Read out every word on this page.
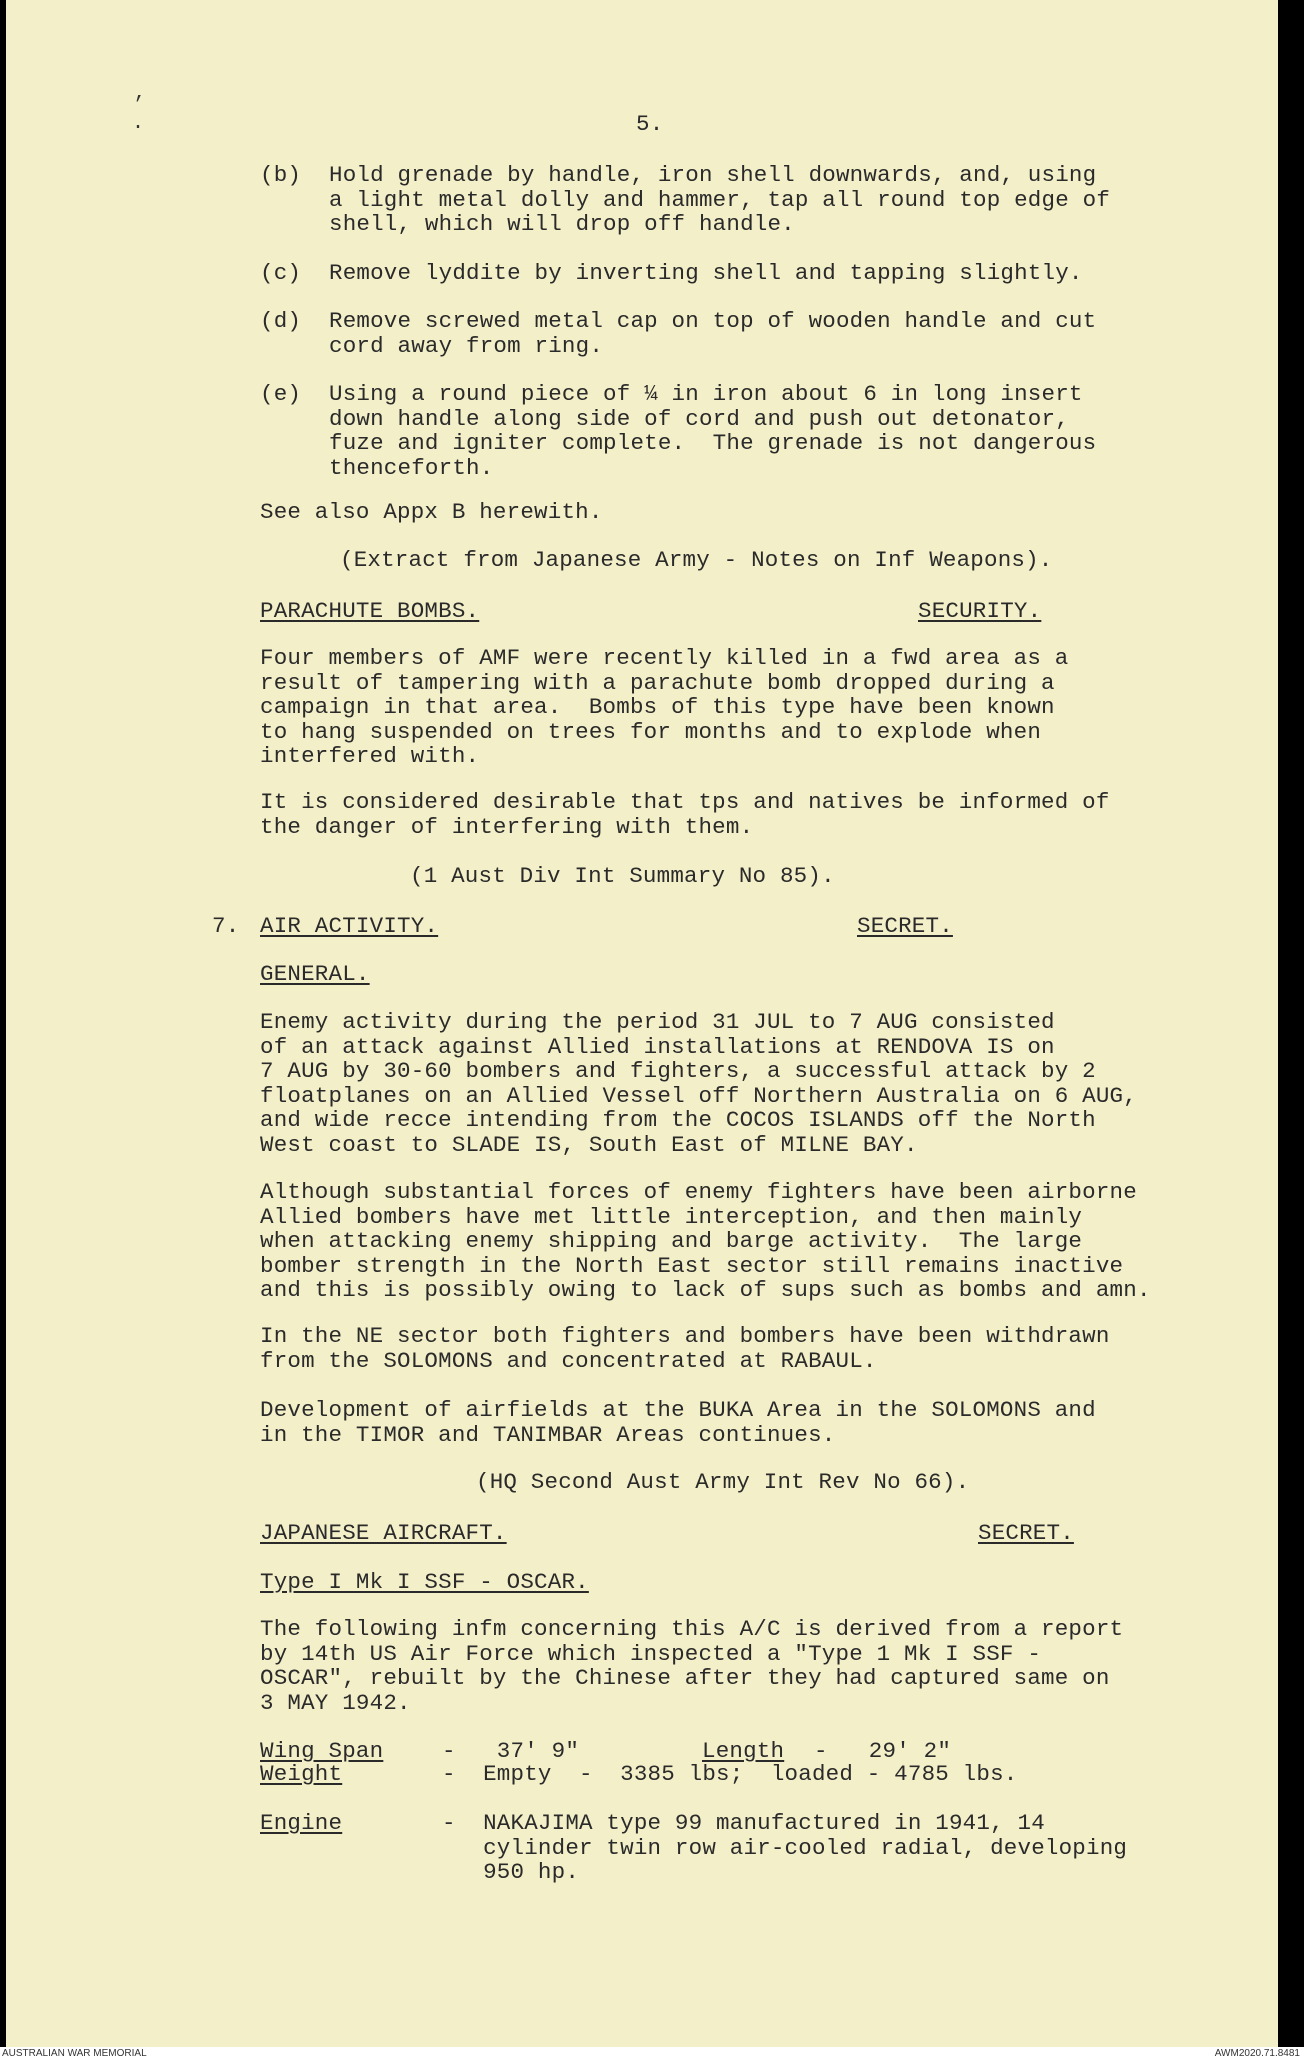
,
·	5.
(b) Hold grenade by handle, iron shell downwards, and, using
a light metal dolly and hammer, tap all round top edge of
shell, which will drop off handle.
(c) Remove lyddite by inverting shell and tapping slightly.
(d) Remove screwed metal cap on top of wooden handle and cut
cord away from ring.
(e) Using a round piece of ¼ in iron about 6 in long insert
down handle along side of cord and push out detonator,
fuze and igniter complete.  The grenade is not dangerous
thenceforth.
See also Appx B herewith.
(Extract from Japanese Army - Notes on Inf Weapons).
PARACHUTE BOMBS.	SECURITY.
Four members of AMF were recently killed in a fwd area as a
result of tampering with a parachute bomb dropped during a
campaign in that area.  Bombs of this type have been known
to hang suspended on trees for months and to explode when
interfered with.
It is considered desirable that tps and natives be informed of
the danger of interfering with them.
(1 Aust Div Int Summary No 85).
7. AIR ACTIVITY.	SECRET.
GENERAL.
Enemy activity during the period 31 JUL to 7 AUG consisted
of an attack against Allied installations at RENDOVA IS on
7 AUG by 30-60 bombers and fighters, a successful attack by 2
floatplanes on an Allied Vessel off Northern Australia on 6 AUG,
and wide recce intending from the COCOS ISLANDS off the North
West coast to SLADE IS, South East of MILNE BAY.
Although substantial forces of enemy fighters have been airborne
Allied bombers have met little interception, and then mainly
when attacking enemy shipping and barge activity.  The large
bomber strength in the North East sector still remains inactive
and this is possibly owing to lack of sups such as bombs and amn.
In the NE sector both fighters and bombers have been withdrawn
from the SOLOMONS and concentrated at RABAUL.
Development of airfields at the BUKA Area in the SOLOMONS and
in the TIMOR and TANIMBAR Areas continues.
(HQ Second Aust Army Int Rev No 66).
JAPANESE AIRCRAFT.	SECRET.
Type I Mk I SSF - OSCAR.
The following infm concerning this A/C is derived from a report
by 14th US Air Force which inspected a "Type 1 Mk I SSF -
OSCAR", rebuilt by the Chinese after they had captured same on
3 MAY 1942.
Wing Span	-   37' 9"	Length -   29' 2"
Weight	-  Empty  -  3385 lbs;  loaded - 4785 lbs.
Engine	-  NAKAJIMA type 99 manufactured in 1941, 14
cylinder twin row air-cooled radial, developing
950 hp.
AUSTRALIAN WAR MEMORIAL	AWM2020.71.8481
